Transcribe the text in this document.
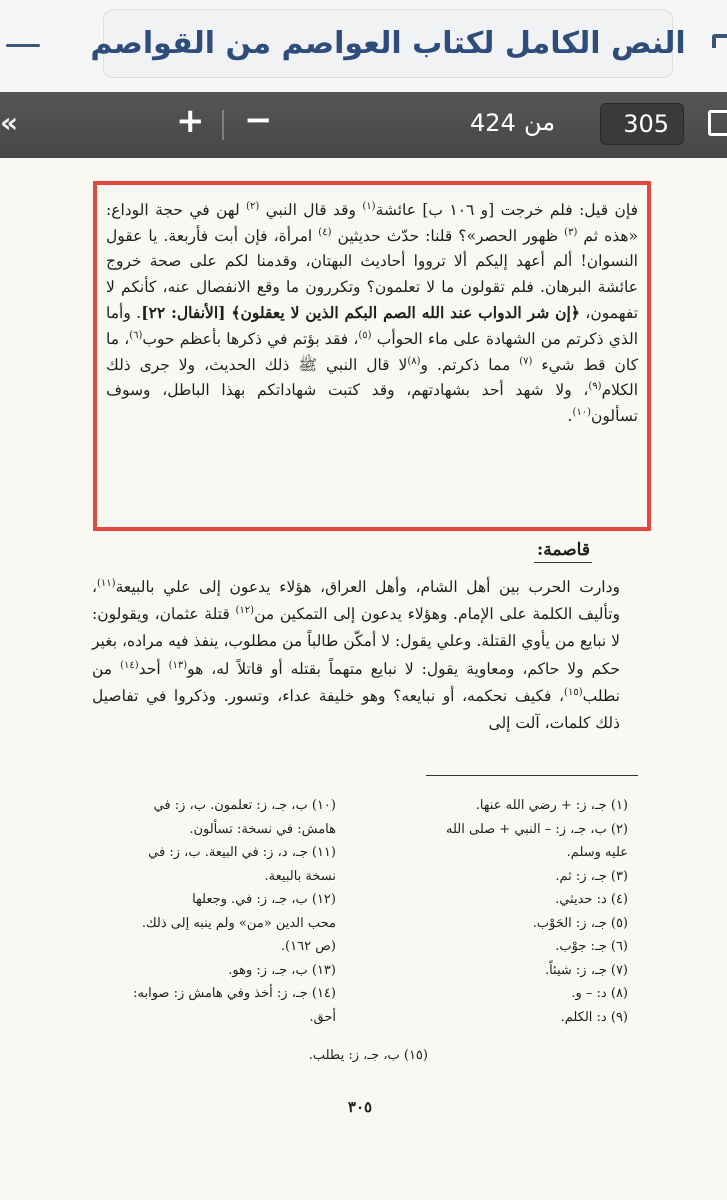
النص الكامل لكتاب العواصم من القواصم
«	+ −	424 من	305
فإن قيل: فلم خرجت [و ١٠٦ ب] عائشة$^{(١)}$ وقد قال النبي $^{(٢)}$ لهن في حجة الوداع: «هذه ثم $^{(٣)}$ ظهور الحصر»؟ قلنا: حدّث حديثين $^{(٤)}$ امرأة، فإن أبت فأربعة. يا عقول النسوان! ألم أعهد إليكم ألا ترووا أحاديث البهتان، وقدمنا لكم على صحة خروج عائشة البرهان. فلم تقولون ما لا تعلمون؟ وتكررون ما وقع الانفصال عنه، كأنكم لا تفهمون، ﴿إن شر الدواب عند الله الصم البكم الذين لا يعقلون﴾ [الأنفال: ٢٢]. وأما الذي ذكرتم من الشهادة على ماء الحوأب $^{(٥)}$، فقد بؤتم في ذكرها بأعظم حوب$^{(٦)}$، ما كان قط شيء $^{(٧)}$ مما ذكرتم. و$^{(٨)}$لا قال النبي ﷺ ذلك الحديث، ولا جرى ذلك الكلام$^{(٩)}$، ولا شهد أحد بشهادتهم، وقد كتبت شهاداتكم بهذا الباطل، وسوف تسألون$^{(١٠)}$.
قاصمة:
ودارت الحرب بين أهل الشام، وأهل العراق، هؤلاء يدعون إلى علي بالبيعة$^{(١١)}$، وتأليف الكلمة على الإمام. وهؤلاء يدعون إلى التمكين من$^{(١٢)}$ قتلة عثمان، ويقولون: لا نبايع من يأوي القتلة. وعلي يقول: لا أمكّن طالباً من مطلوب، ينفذ فيه مراده، بغير حكم ولا حاكم، ومعاوية يقول: لا نبايع متهماً بقتله أو قاتلاً له، هو$^{(١٣)}$ أحد$^{(١٤)}$ من نطلب$^{(١٥)}$، فكيف نحكمه، أو نبايعه؟ وهو خليفة عداء، وتسور. وذكروا في تفاصيل ذلك كلمات، آلت إلى
(١) جـ، ز: + رضي الله عنها.
(٢) ب، جـ، ز: – النبي + صلى الله
عليه وسلم.
(٣) جـ، ز: ثم.
(٤) د: حديثي.
(٥) جـ، ز: الحَوْب.
(٦) جـ: جوْب.
(٧) جـ، ز: شيئاً.
(٨) د: – و.
(٩) د: الكلم.
(١٠) ب، جـ، ز: تعلمون. ب، ز: في
هامش: في نسخة: تسألون.
(١١) جـ، د، ز: في البيعة. ب، ز: في
نسخة بالبيعة.
(١٢) ب، جـ، ز: في. وجعلها
محب الدين «من» ولم ينبه إلى ذلك.
(ص ١٦٢).
(١٣) ب، جـ، ز: وهو.
(١٤) جـ، ز: أخذ وفي هامش ز: صوابه:
أحق.
(١٥) ب، جـ، ز: يطلب.
٣٠٥
